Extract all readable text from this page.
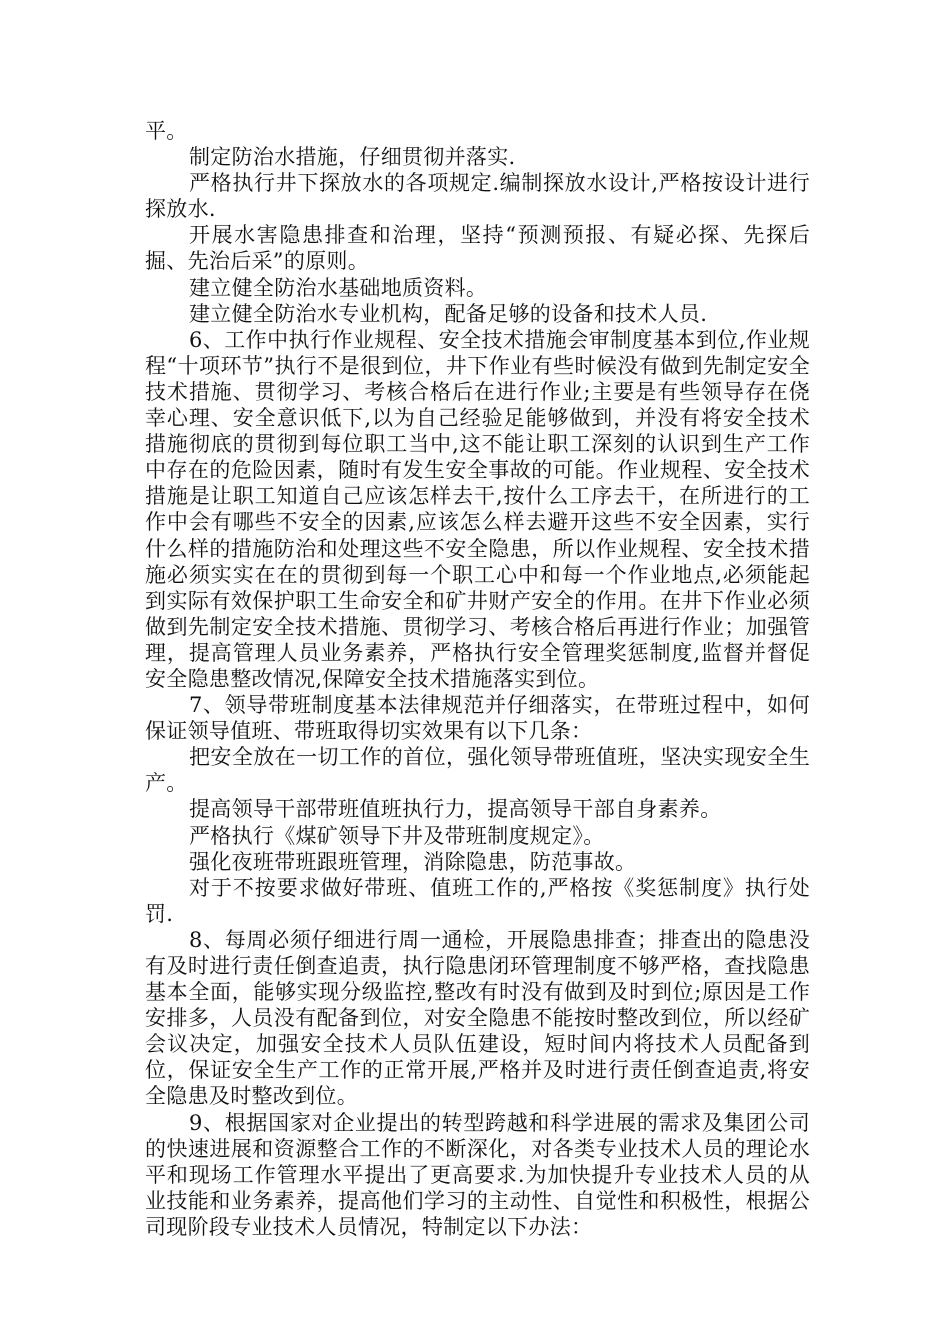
平。

制定防治水措施，仔细贯彻并落实.

严格执行井下探放水的各项规定.编制探放水设计,严格按设计进行探放水.

开展水害隐患排查和治理，坚持“预测预报、有疑必探、先探后掘、先治后采”的原则。

建立健全防治水基础地质资料。

建立健全防治水专业机构，配备足够的设备和技术人员.

6、工作中执行作业规程、安全技术措施会审制度基本到位,作业规程“十项环节”执行不是很到位，井下作业有些时候没有做到先制定安全技术措施、贯彻学习、考核合格后在进行作业;主要是有些领导存在侥幸心理、安全意识低下,以为自己经验足能够做到，并没有将安全技术措施彻底的贯彻到每位职工当中,这不能让职工深刻的认识到生产工作中存在的危险因素，随时有发生安全事故的可能。作业规程、安全技术措施是让职工知道自己应该怎样去干,按什么工序去干，在所进行的工作中会有哪些不安全的因素,应该怎么样去避开这些不安全因素，实行什么样的措施防治和处理这些不安全隐患，所以作业规程、安全技术措施必须实实在在的贯彻到每一个职工心中和每一个作业地点,必须能起到实际有效保护职工生命安全和矿井财产安全的作用。在井下作业必须做到先制定安全技术措施、贯彻学习、考核合格后再进行作业；加强管理，提高管理人员业务素养，严格执行安全管理奖惩制度,监督并督促安全隐患整改情况,保障安全技术措施落实到位。

7、领导带班制度基本法律规范并仔细落实，在带班过程中，如何保证领导值班、带班取得切实效果有以下几条：

把安全放在一切工作的首位，强化领导带班值班，坚决实现安全生产。

提高领导干部带班值班执行力，提高领导干部自身素养。

严格执行《煤矿领导下井及带班制度规定》。

强化夜班带班跟班管理，消除隐患，防范事故。

对于不按要求做好带班、值班工作的,严格按《奖惩制度》执行处罚.

8、每周必须仔细进行周一通检，开展隐患排查；排查出的隐患没有及时进行责任倒查追责，执行隐患闭环管理制度不够严格，查找隐患基本全面，能够实现分级监控,整改有时没有做到及时到位;原因是工作安排多，人员没有配备到位，对安全隐患不能按时整改到位，所以经矿会议决定，加强安全技术人员队伍建设，短时间内将技术人员配备到位，保证安全生产工作的正常开展,严格并及时进行责任倒查追责,将安全隐患及时整改到位。

9、根据国家对企业提出的转型跨越和科学进展的需求及集团公司的快速进展和资源整合工作的不断深化，对各类专业技术人员的理论水平和现场工作管理水平提出了更高要求.为加快提升专业技术人员的从业技能和业务素养，提高他们学习的主动性、自觉性和积极性，根据公司现阶段专业技术人员情况，特制定以下办法：
